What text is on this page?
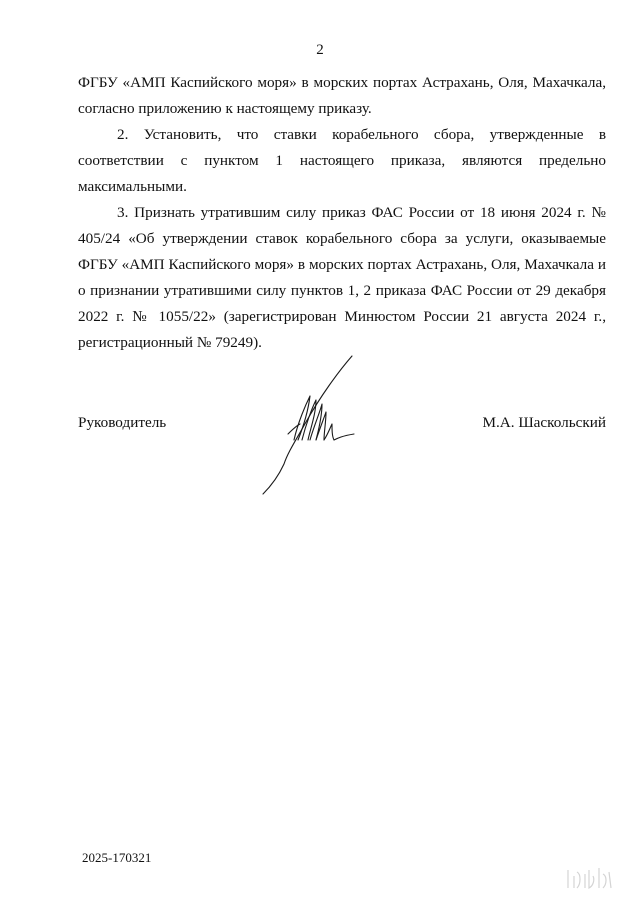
2

ФГБУ «АМП Каспийского моря» в морских портах Астрахань, Оля, Махачкала, согласно приложению к настоящему приказу.

2. Установить, что ставки корабельного сбора, утвержденные в соответствии с пунктом 1 настоящего приказа, являются предельно максимальными.

3. Признать утратившим силу приказ ФАС России от 18 июня 2024 г. № 405/24 «Об утверждении ставок корабельного сбора за услуги, оказываемые ФГБУ «АМП Каспийского моря» в морских портах Астрахань, Оля, Махачкала и о признании утратившими силу пунктов 1, 2 приказа ФАС России от 29 декабря 2022 г. № 1055/22» (зарегистрирован Минюстом России 21 августа 2024 г., регистрационный № 79249).

Руководитель	М.А. Шаскольский
2025-170321
